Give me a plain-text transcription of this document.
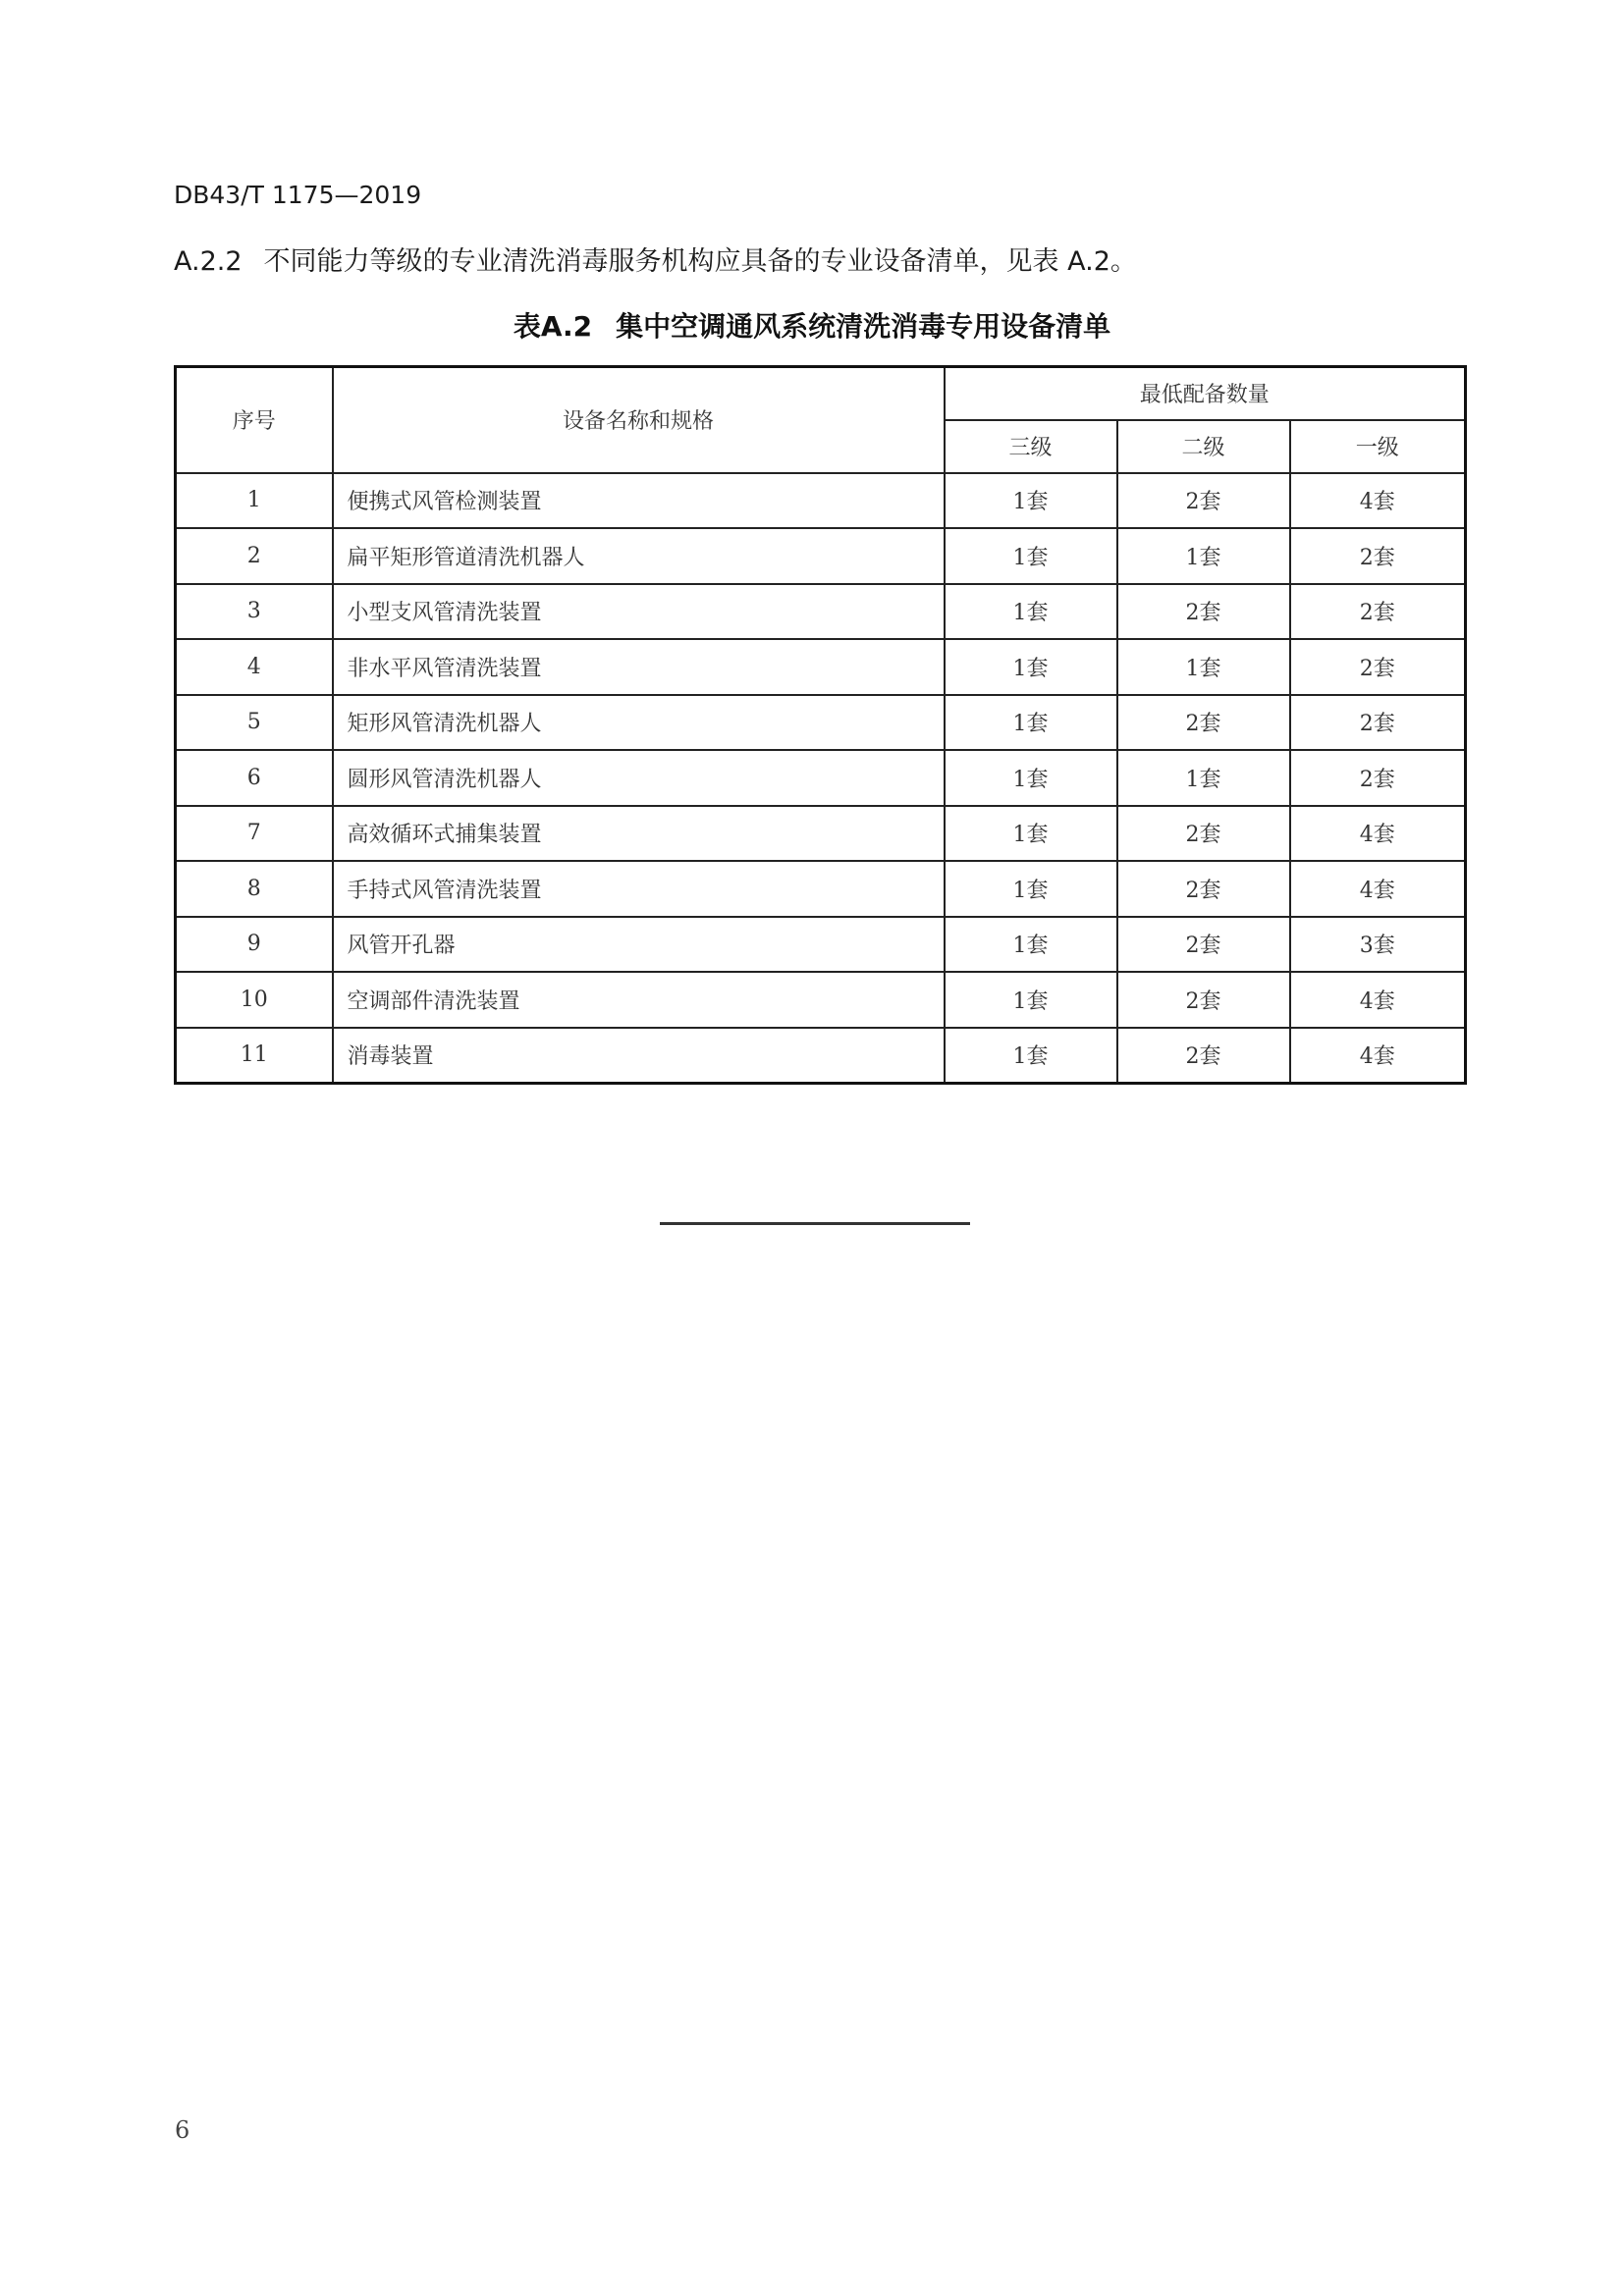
DB43/T 1175—2019
A.2.2 不同能力等级的专业清洗消毒服务机构应具备的专业设备清单，见表 A.2。
表A.2 集中空调通风系统清洗消毒专用设备清单
序号	设备名称和规格	最低配备数量		
		三级	二级	一级
1	便携式风管检测装置	1套	2套	4套
2	扁平矩形管道清洗机器人	1套	1套	2套
3	小型支风管清洗装置	1套	2套	2套
4	非水平风管清洗装置	1套	1套	2套
5	矩形风管清洗机器人	1套	2套	2套
6	圆形风管清洗机器人	1套	1套	2套
7	高效循环式捕集装置	1套	2套	4套
8	手持式风管清洗装置	1套	2套	4套
9	风管开孔器	1套	2套	3套
10	空调部件清洗装置	1套	2套	4套
11	消毒装置	1套	2套	4套
6
